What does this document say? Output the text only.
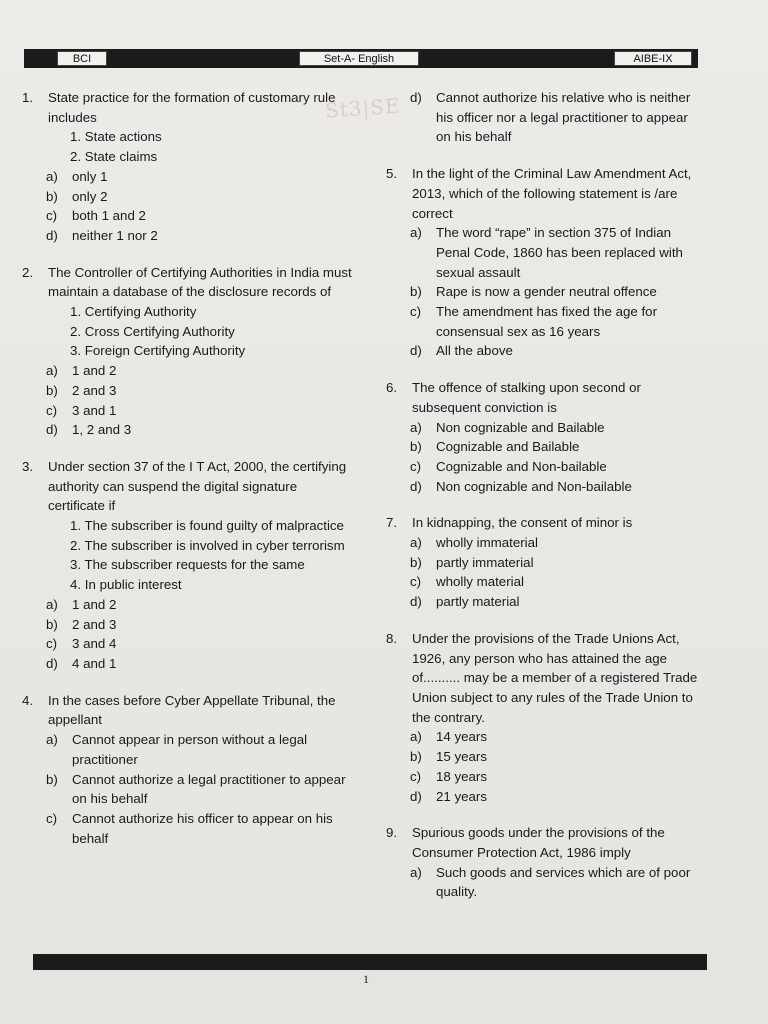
BCI	Set-A- English	AIBE-IX
St3|SE
1.	State practice for the formation of customary rule includes
1. State actions
2. State claims
a)	only 1
b)	only 2
c)	both 1 and 2
d)	neither 1 nor 2
2.	The Controller of Certifying Authorities in India must maintain a database of the disclosure records of
1. Certifying Authority
2. Cross Certifying Authority
3. Foreign Certifying Authority
a)	1 and 2
b)	2 and 3
c)	3 and 1
d)	1, 2 and 3
3.	Under section 37 of the I T Act, 2000, the certifying authority can suspend the digital signature certificate if
1. The subscriber is found guilty of malpractice
2. The subscriber is involved in cyber terrorism
3. The subscriber requests for the same
4. In public interest
a)	1 and 2
b)	2 and 3
c)	3 and 4
d)	4 and 1
4.	In the cases before Cyber Appellate Tribunal, the appellant
a)	Cannot appear in person without a legal practitioner
b)	Cannot authorize a legal practitioner to appear on his behalf
c)	Cannot authorize his officer to appear on his behalf
d)	Cannot authorize his relative who is neither his officer nor a legal practitioner to appear on his behalf
5.	In the light of the Criminal Law Amendment Act, 2013, which of the following statement is /are correct
a)	The word “rape” in section 375 of Indian Penal Code, 1860 has been replaced with sexual assault
b)	Rape is now a gender neutral offence
c)	The amendment has fixed the age for consensual sex as 16 years
d)	All the above
6.	The offence of stalking upon second or subsequent conviction is
a)	Non cognizable and Bailable
b)	Cognizable and Bailable
c)	Cognizable and Non-bailable
d)	Non cognizable and Non-bailable
7.	In kidnapping, the consent of minor is
a)	wholly immaterial
b)	partly immaterial
c)	wholly material
d)	partly material
8.	Under the provisions of the Trade Unions Act, 1926, any person who has attained the age of.......... may be a member of a registered Trade Union subject to any rules of the Trade Union to the contrary.
a)	14 years
b)	15 years
c)	18 years
d)	21 years
9.	Spurious goods under the provisions of the Consumer Protection Act, 1986 imply
a)	Such goods and services which are of poor quality.
1
